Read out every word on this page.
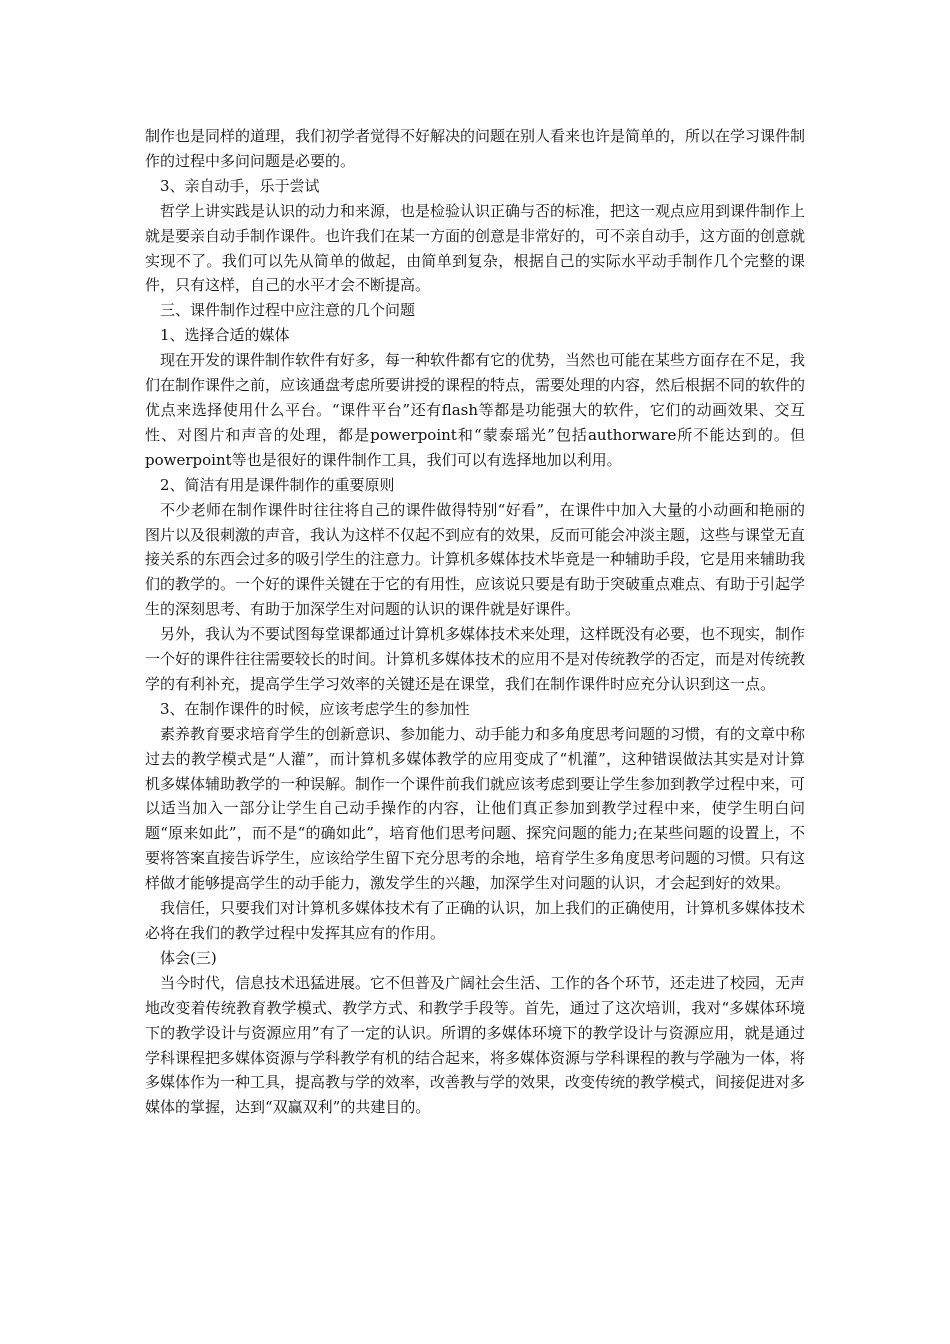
制作也是同样的道理，我们初学者觉得不好解决的问题在别人看来也许是简单的，所以在学习课件制作的过程中多问问题是必要的。

3、亲自动手，乐于尝试

哲学上讲实践是认识的动力和来源，也是检验认识正确与否的标准，把这一观点应用到课件制作上就是要亲自动手制作课件。也许我们在某一方面的创意是非常好的，可不亲自动手，这方面的创意就实现不了。我们可以先从简单的做起，由简单到复杂，根据自己的实际水平动手制作几个完整的课件，只有这样，自己的水平才会不断提高。

三、课件制作过程中应注意的几个问题

1、选择合适的媒体

现在开发的课件制作软件有好多，每一种软件都有它的优势，当然也可能在某些方面存在不足，我们在制作课件之前，应该通盘考虑所要讲授的课程的特点，需要处理的内容，然后根据不同的软件的优点来选择使用什么平台。“课件平台”还有flash等都是功能强大的软件，它们的动画效果、交互性、对图片和声音的处理，都是powerpoint和“蒙泰瑶光”包括authorware所不能达到的。但powerpoint等也是很好的课件制作工具，我们可以有选择地加以利用。

2、简洁有用是课件制作的重要原则

不少老师在制作课件时往往将自己的课件做得特别“好看”，在课件中加入大量的小动画和艳丽的图片以及很刺激的声音，我认为这样不仅起不到应有的效果，反而可能会冲淡主题，这些与课堂无直接关系的东西会过多的吸引学生的注意力。计算机多媒体技术毕竟是一种辅助手段，它是用来辅助我们的教学的。一个好的课件关键在于它的有用性，应该说只要是有助于突破重点难点、有助于引起学生的深刻思考、有助于加深学生对问题的认识的课件就是好课件。

另外，我认为不要试图每堂课都通过计算机多媒体技术来处理，这样既没有必要，也不现实，制作一个好的课件往往需要较长的时间。计算机多媒体技术的应用不是对传统教学的否定，而是对传统教学的有利补充，提高学生学习效率的关键还是在课堂，我们在制作课件时应充分认识到这一点。

3、在制作课件的时候，应该考虑学生的参加性

素养教育要求培育学生的创新意识、参加能力、动手能力和多角度思考问题的习惯，有的文章中称过去的教学模式是“人灌”，而计算机多媒体教学的应用变成了“机灌”，这种错误做法其实是对计算机多媒体辅助教学的一种误解。制作一个课件前我们就应该考虑到要让学生参加到教学过程中来，可以适当加入一部分让学生自己动手操作的内容，让他们真正参加到教学过程中来，使学生明白问题“原来如此”，而不是“的确如此”，培育他们思考问题、探究问题的能力;在某些问题的设置上，不要将答案直接告诉学生，应该给学生留下充分思考的余地，培育学生多角度思考问题的习惯。只有这样做才能够提高学生的动手能力，激发学生的兴趣，加深学生对问题的认识，才会起到好的效果。

我信任，只要我们对计算机多媒体技术有了正确的认识，加上我们的正确使用，计算机多媒体技术必将在我们的教学过程中发挥其应有的作用。

体会(三)

当今时代，信息技术迅猛进展。它不但普及广阔社会生活、工作的各个环节，还走进了校园，无声地改变着传统教育教学模式、教学方式、和教学手段等。首先，通过了这次培训，我对“多媒体环境下的教学设计与资源应用”有了一定的认识。所谓的多媒体环境下的教学设计与资源应用，就是通过学科课程把多媒体资源与学科教学有机的结合起来，将多媒体资源与学科课程的教与学融为一体，将多媒体作为一种工具，提高教与学的效率，改善教与学的效果，改变传统的教学模式，间接促进对多媒体的掌握，达到“双赢双利”的共建目的。
